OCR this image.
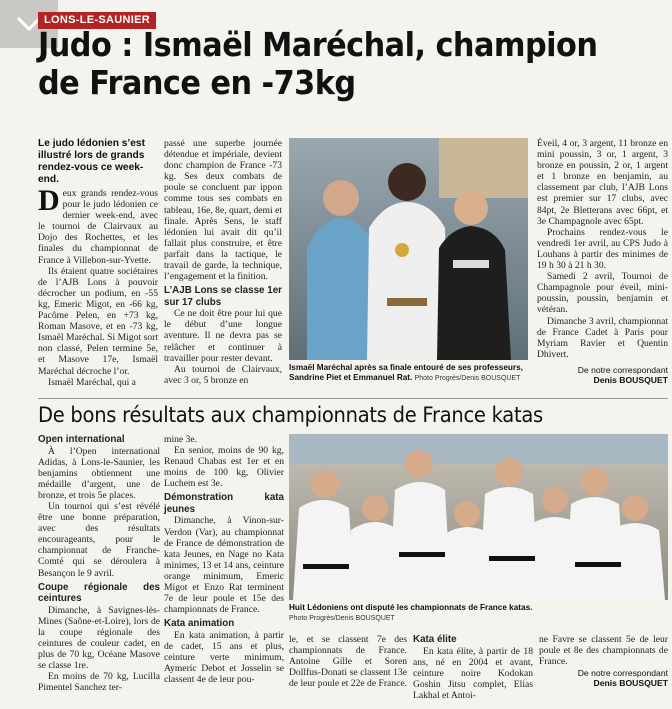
LONS-LE-SAUNIER
Judo : Ismaël Maréchal, champion de France en -73kg
Le judo lédonien s’est illustré lors de grands rendez-vous ce week-end.

Deux grands rendez-vous pour le judo lédonien ce dernier week-end, avec le tournoi de Clairvaux au Dojo des Rochettes, et les finales du championnat de France à Villebon-sur-Yvette.

Ils étaient quatre sociétaires de l’AJB Lons à pouvoir décrocher un podium, en -55 kg, Emeric Migot, en -66 kg, Pacôme Pelen, en +73 kg, Roman Masove, et en -73 kg, Ismaël Maréchal. Si Migot sort non classé, Pelen termine 5e, et Masove 17e, Ismaël Maréchal décroche l’or.

Ismaël Maréchal, qui a

passé une superbe journée détendue et impériale, devient donc champion de France -73 kg. Ses deux combats de poule se concluent par ippon comme tous ses combats en tableau, 16e, 8e, quart, demi et finale. Après Sens, le staff lédonien lui avait dit qu’il fallait plus construire, et être parfait dans la tactique, le travail de garde, la technique, l’engagement et la finition.

L’AJB Lons se classe 1er sur 17 clubs

Ce ne doit être pour lui que le début d’une longue aventure. Il ne devra pas se relâcher et continuer à travailler pour rester devant.

Au tournoi de Clairvaux, avec 3 or, 5 bronze en

Ismaël Maréchal après sa finale entouré de ses professeurs, Sandrine Piet et Emmanuel Rat. Photo Progrès/Denis BOUSQUET

Éveil, 4 or, 3 argent, 11 bronze en mini poussin, 3 or, 1 argent, 3 bronze en poussin, 2 or, 1 argent et 1 bronze en benjamin, au classement par club, l’AJB Lons est premier sur 17 clubs, avec 84pt, 2e Bletterans avec 66pt, et 3e Champagnole avec 65pt.

Prochains rendez-vous le vendredi 1er avril, au CPS Judo à Louhans à partir des minimes de 19 h 30 à 21 h 30.

Samedi 2 avril, Tournoi de Champagnole pour éveil, mini-poussin, poussin, benjamin et vétéran.

Dimanche 3 avril, championnat de France Cadet à Paris pour Myriam Ravier et Quentin Dhivert.

De notre correspondant
Denis BOUSQUET
De bons résultats aux championnats de France katas

Open international

À l’Open international Adidas, à Lons-le-Saunier, les benjamins obtiennent une médaille d’argent, une de bronze, et trois 5e places.

Un tournoi qui s’est révélé être une bonne préparation, avec des résultats encourageants, pour le championnat de Franche-Comté qui se déroulera à Besançon le 9 avril.

Coupe régionale des ceintures

Dimanche, à Savignes-lès-Mines (Saône-et-Loire), lors de la coupe régionale des ceintures de couleur cadet, en plus de 70 kg, Océane Masove se classe 1re.

En moins de 70 kg, Lucilla Pimentel Sanchez ter-

mine 3e.

En senior, moins de 90 kg, Renaud Chabas est 1er et en moins de 100 kg, Olivier Luchem est 3e.

Démonstration kata jeunes

Dimanche, à Vinon-sur-Verdon (Var), au championnat de France de démonstration de kata Jeunes, en Nage no Kata minimes, 13 et 14 ans, ceinture orange minimum, Emeric Migot et Enzo Rat terminent 7e de leur poule et 15e des championnats de France.

Kata animation

En kata animation, à partir de cadet, 15 ans et plus, ceinture verte minimum, Aymeric Debot et Josselin se classent 4e de leur pou-

Huit Lédoniens ont disputé les championnats de France katas.
Photo Progrès/Denis BOUSQUET

le, et se classent 7e des championnats de France. Antoine Gille et Soren Dollfus-Donati se classent 13e de leur poule et 22e de France.

Kata élite

En kata élite, à partir de 18 ans, né en 2004 et avant, ceinture noire Kodokan Goshin Jitsu complet, Elias Lakhal et Antoi-

ne Favre se classent 5e de leur poule et 8e des championnats de France.

De notre correspondant
Denis BOUSQUET
